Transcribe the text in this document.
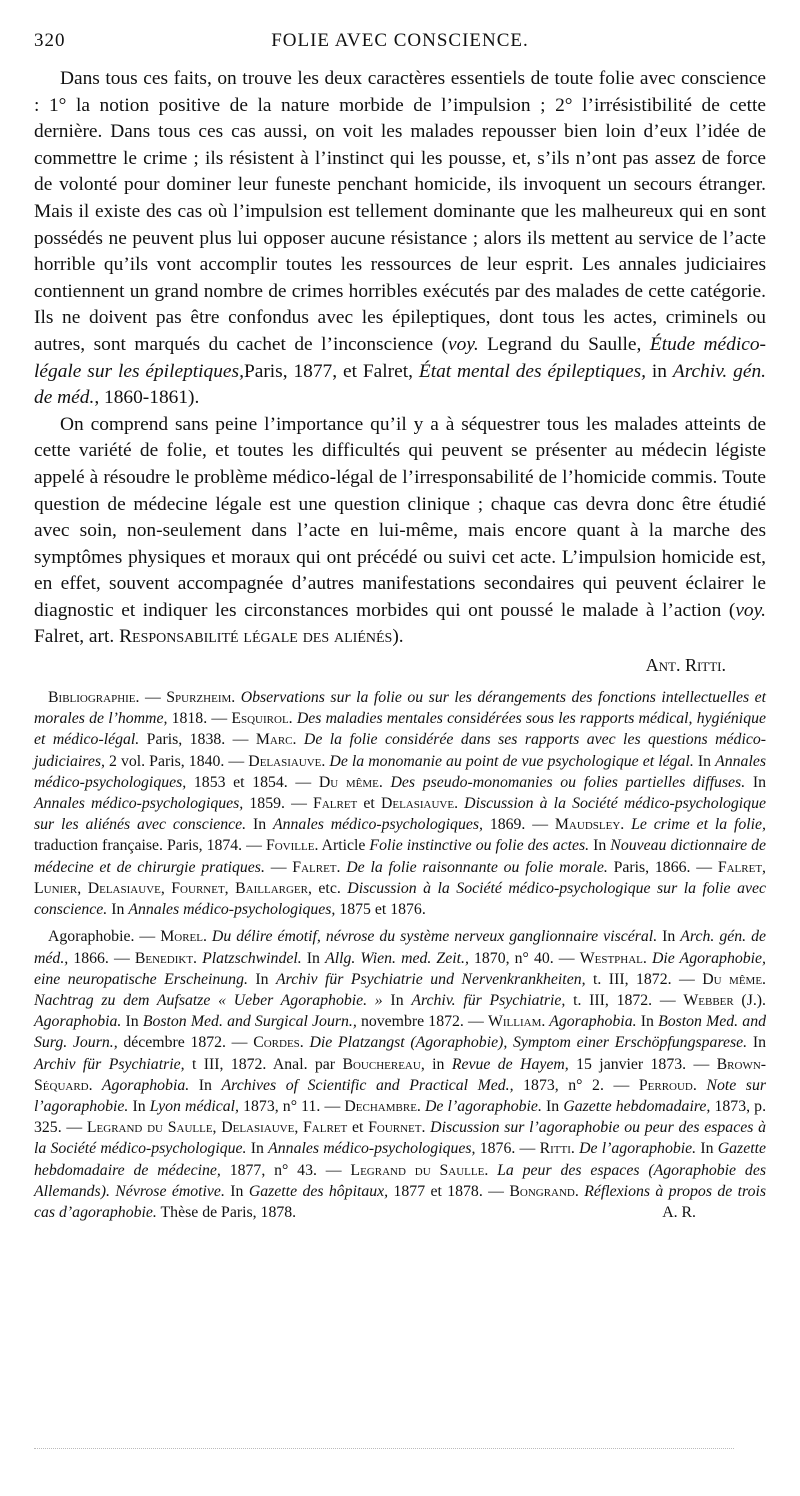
320	FOLIE AVEC CONSCIENCE.

Dans tous ces faits, on trouve les deux caractères essentiels de toute folie avec conscience : 1° la notion positive de la nature morbide de l’impulsion ; 2° l’irrésistibilité de cette dernière. Dans tous ces cas aussi, on voit les malades repousser bien loin d’eux l’idée de commettre le crime ; ils résistent à l’instinct qui les pousse, et, s’ils n’ont pas assez de force de volonté pour dominer leur funeste penchant homicide, ils invoquent un secours étranger. Mais il existe des cas où l’impulsion est tellement dominante que les malheureux qui en sont possédés ne peuvent plus lui opposer aucune résistance ; alors ils mettent au service de l’acte horrible qu’ils vont accomplir toutes les ressources de leur esprit. Les annales judiciaires contiennent un grand nombre de crimes horribles exécutés par des malades de cette catégorie. Ils ne doivent pas être confondus avec les épileptiques, dont tous les actes, criminels ou autres, sont marqués du cachet de l’inconscience (voy. Legrand du Saulle, Étude médico-légale sur les épileptiques,Paris, 1877, et Falret, État mental des épileptiques, in Archiv. gén. de méd., 1860-1861).

On comprend sans peine l’importance qu’il y a à séquestrer tous les malades atteints de cette variété de folie, et toutes les difficultés qui peuvent se présenter au médecin légiste appelé à résoudre le problème médico-légal de l’irresponsabilité de l’homicide commis. Toute question de médecine légale est une question clinique ; chaque cas devra donc être étudié avec soin, non-seulement dans l’acte en lui-même, mais encore quant à la marche des symptômes physiques et moraux qui ont précédé ou suivi cet acte. L’impulsion homicide est, en effet, souvent accompagnée d’autres manifestations secondaires qui peuvent éclairer le diagnostic et indiquer les circonstances morbides qui ont poussé le malade à l’action (voy. Falret, art. Responsabilité légale des aliénés).

Ant. Ritti.

Bibliographie. — Spurzheim. Observations sur la folie ou sur les dérangements des fonctions intellectuelles et morales de l’homme, 1818. — Esquirol. Des maladies mentales considérées sous les rapports médical, hygiénique et médico-légal. Paris, 1838. — Marc. De la folie considérée dans ses rapports avec les questions médico-judiciaires, 2 vol. Paris, 1840. — Delasiauve. De la monomanie au point de vue psychologique et légal. In Annales médico-psychologiques, 1853 et 1854. — Du même. Des pseudo-monomanies ou folies partielles diffuses. In Annales médico-psychologiques, 1859. — Falret et Delasiauve. Discussion à la Société médico-psychologique sur les aliénés avec conscience. In Annales médico-psychologiques, 1869. — Maudsley. Le crime et la folie, traduction française. Paris, 1874. — Foville. Article Folie instinctive ou folie des actes. In Nouveau dictionnaire de médecine et de chirurgie pratiques. — Falret. De la folie raisonnante ou folie morale. Paris, 1866. — Falret, Lunier, Delasiauve, Fournet, Baillarger, etc. Discussion à la Société médico-psychologique sur la folie avec conscience. In Annales médico-psychologiques, 1875 et 1876.

Agoraphobie. — Morel. Du délire émotif, névrose du système nerveux ganglionnaire viscéral. In Arch. gén. de méd., 1866. — Benedikt. Platzschwindel. In Allg. Wien. med. Zeit., 1870, n° 40. — Westphal. Die Agoraphobie, eine neuropatische Erscheinung. In Archiv für Psychiatrie und Nervenkrankheiten, t. III, 1872. — Du même. Nachtrag zu dem Aufsatze « Ueber Agoraphobie. » In Archiv. für Psychiatrie, t. III, 1872. — Webber (J.). Agoraphobia. In Boston Med. and Surgical Journ., novembre 1872. — William. Agoraphobia. In Boston Med. and Surg. Journ., décembre 1872. — Cordes. Die Platzangst (Agoraphobie), Symptom einer Erschöpfungsparese. In Archiv für Psychiatrie, t III, 1872. Anal. par Bouchereau, in Revue de Hayem, 15 janvier 1873. — Brown-Séquard. Agoraphobia. In Archives of Scientific and Practical Med., 1873, n° 2. — Perroud. Note sur l’agoraphobie. In Lyon médical, 1873, n° 11. — Dechambre. De l’agoraphobie. In Gazette hebdomadaire, 1873, p. 325. — Legrand du Saulle, Delasiauve, Falret et Fournet. Discussion sur l’agoraphobie ou peur des espaces à la Société médico-psychologique. In Annales médico-psychologiques, 1876. — Ritti. De l’agoraphobie. In Gazette hebdomadaire de médecine, 1877, n° 43. — Legrand du Saulle. La peur des espaces (Agoraphobie des Allemands). Névrose émotive. In Gazette des hôpitaux, 1877 et 1878. — Bongrand. Réflexions à propos de trois cas d’agoraphobie. Thèse de Paris, 1878.	A. R.
